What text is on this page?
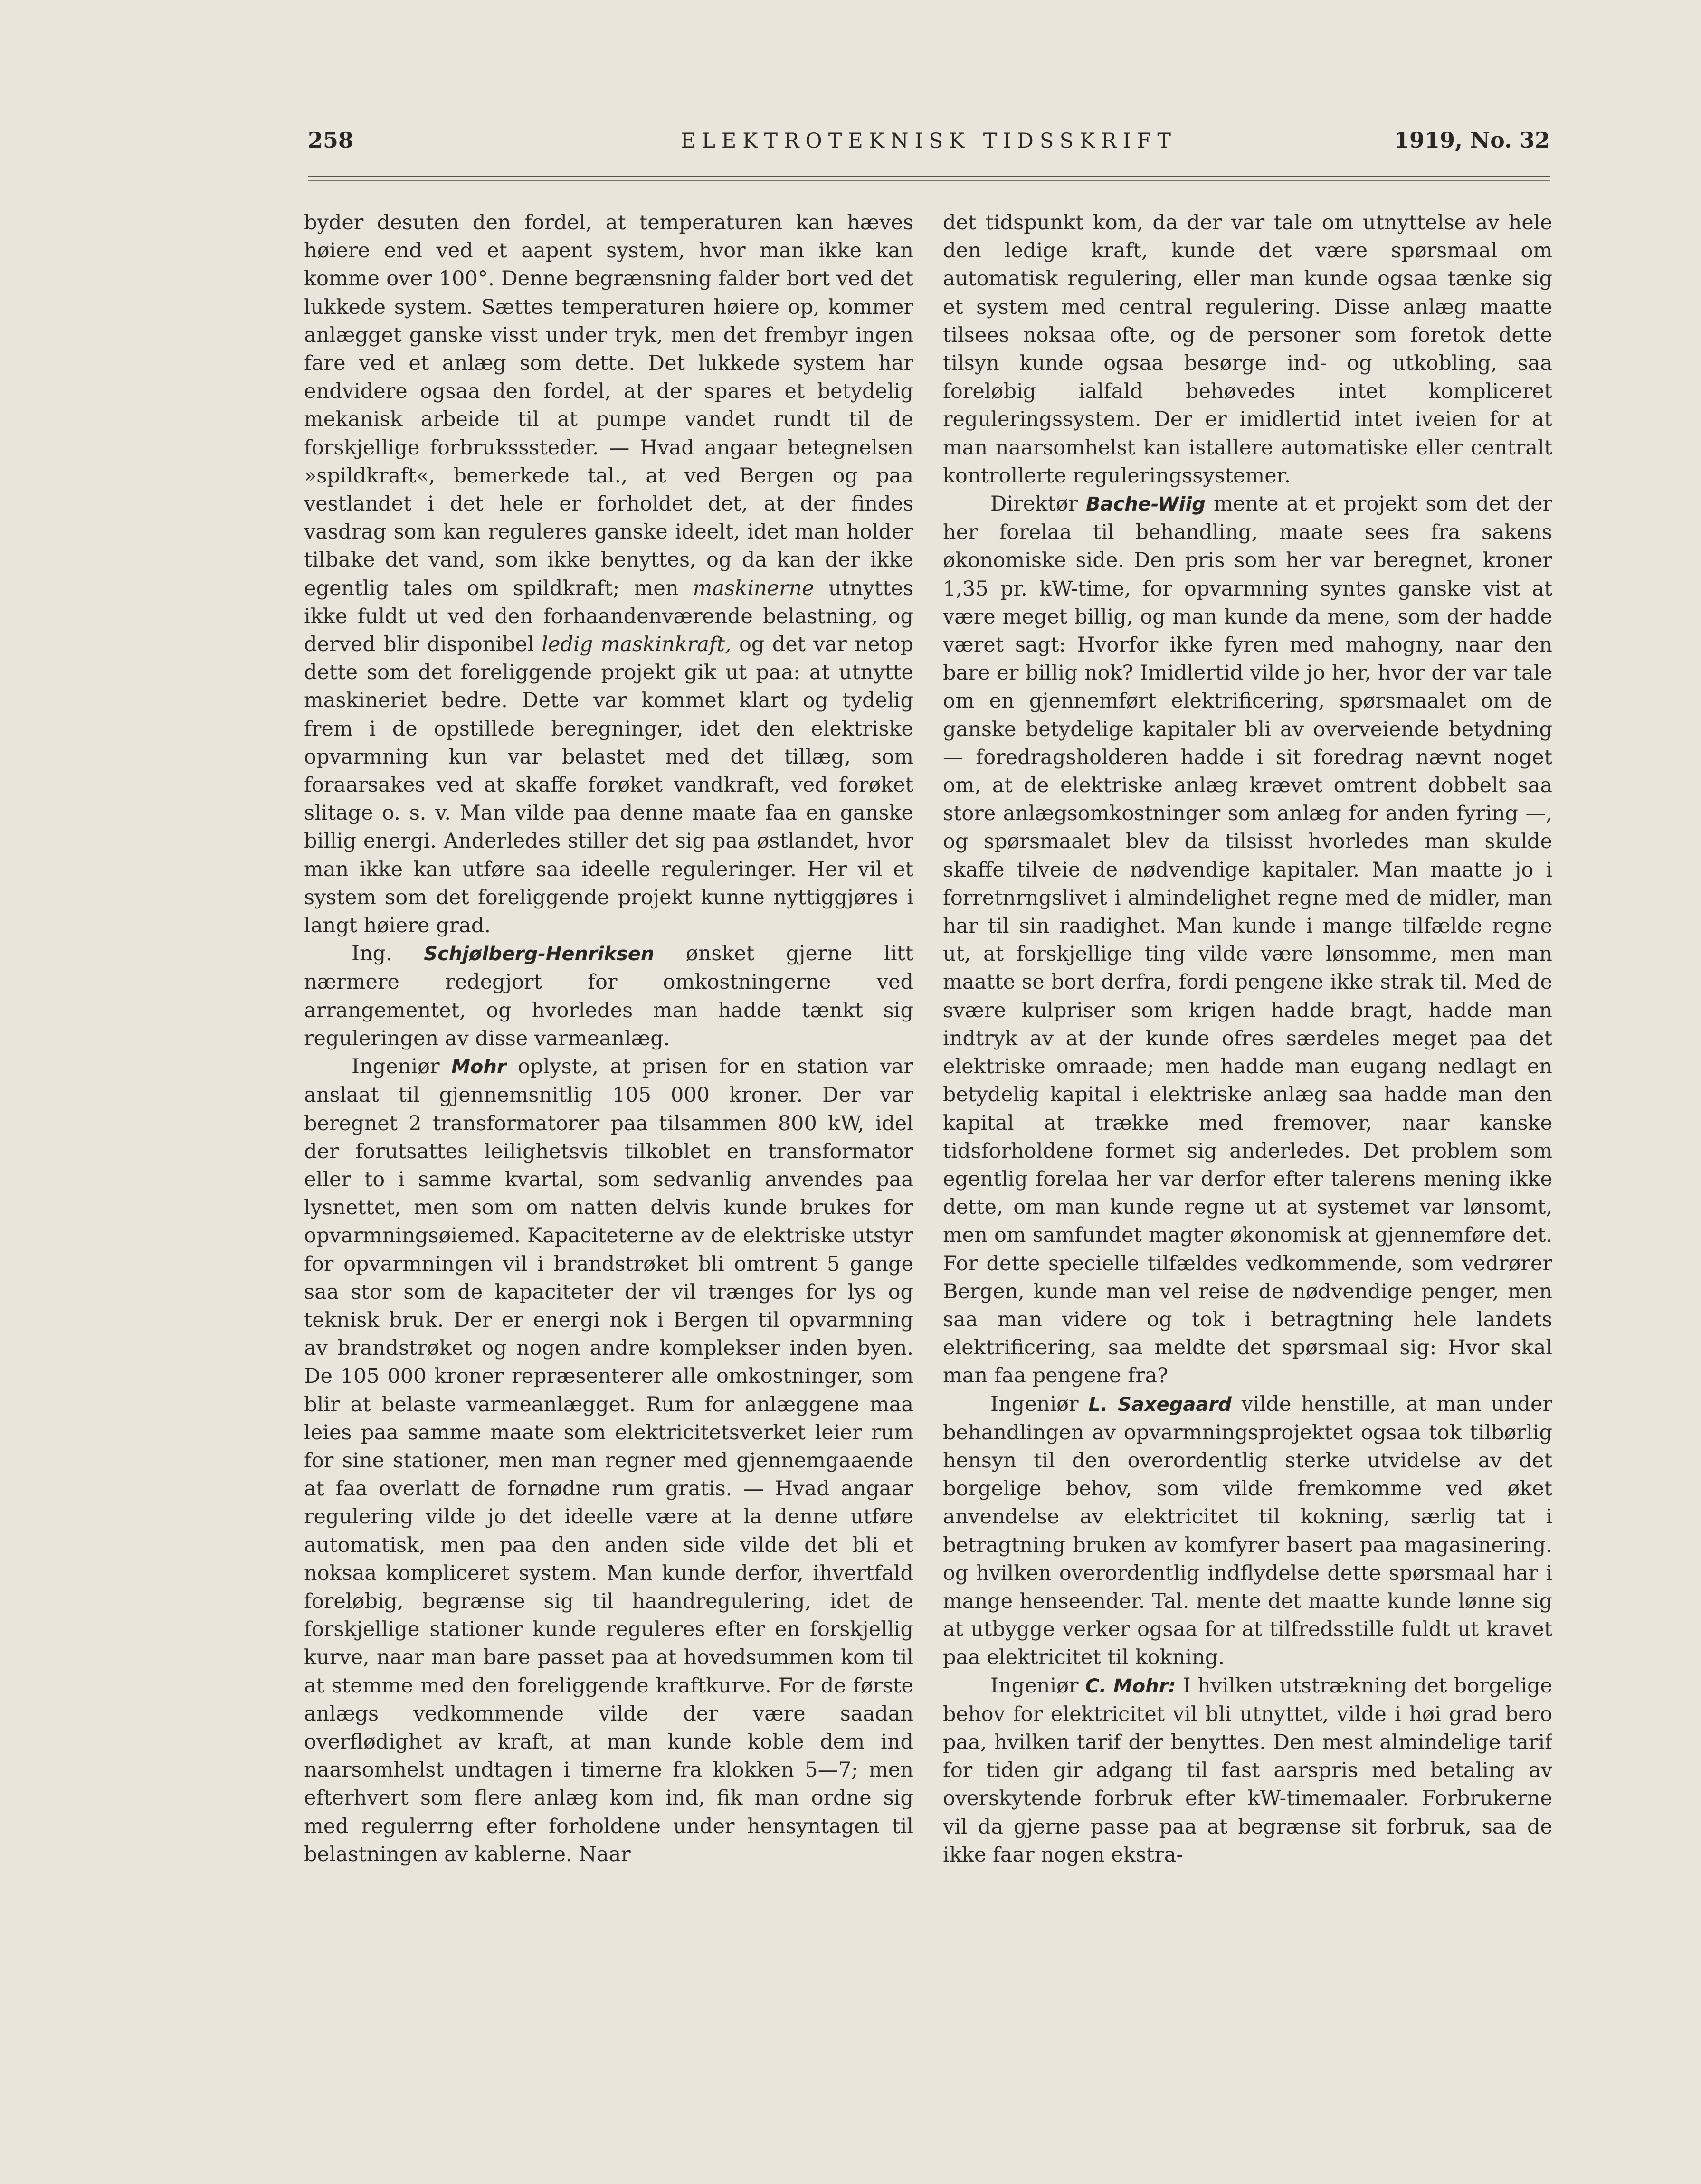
258	ELEKTROTEKNISK TIDSSKRIFT	1919, No. 32

byder desuten den fordel, at temperaturen kan hæves høiere end ved et aapent system, hvor man ikke kan komme over 100°. Denne begrænsning falder bort ved det lukkede system. Sættes temperaturen høiere op, kommer anlægget ganske visst under tryk, men det frembyr ingen fare ved et anlæg som dette. Det lukkede system har endvidere ogsaa den fordel, at der spares et betydelig mekanisk arbeide til at pumpe vandet rundt til de forskjellige forbruksssteder. — Hvad angaar betegnelsen »spildkraft«, bemerkede tal., at ved Bergen og paa vestlandet i det hele er forholdet det, at der findes vasdrag som kan reguleres ganske ideelt, idet man holder tilbake det vand, som ikke benyttes, og da kan der ikke egentlig tales om spildkraft; men maskinerne utnyttes ikke fuldt ut ved den forhaandenværende belastning, og derved blir disponibel ledig maskinkraft, og det var netop dette som det foreliggende projekt gik ut paa: at utnytte maskineriet bedre. Dette var kommet klart og tydelig frem i de opstillede beregninger, idet den elektriske opvarmning kun var belastet med det tillæg, som foraarsakes ved at skaffe forøket vandkraft, ved forøket slitage o. s. v. Man vilde paa denne maate faa en ganske billig energi. Anderledes stiller det sig paa østlandet, hvor man ikke kan utføre saa ideelle reguleringer. Her vil et system som det foreliggende projekt kunne nyttiggjøres i langt høiere grad.

Ing. Schjølberg-Henriksen ønsket gjerne litt nærmere redegjort for omkostningerne ved arrangementet, og hvorledes man hadde tænkt sig reguleringen av disse varmeanlæg.

Ingeniør Mohr oplyste, at prisen for en station var anslaat til gjennemsnitlig 105 000 kroner. Der var beregnet 2 transformatorer paa tilsammen 800 kW, idel der forutsattes leilighetsvis tilkoblet en transformator eller to i samme kvartal, som sedvanlig anvendes paa lysnettet, men som om natten delvis kunde brukes for opvarmningsøiemed. Kapaciteterne av de elektriske utstyr for opvarmningen vil i brandstrøket bli omtrent 5 gange saa stor som de kapaciteter der vil trænges for lys og teknisk bruk. Der er energi nok i Bergen til opvarmning av brandstrøket og nogen andre komplekser inden byen. De 105 000 kroner repræsenterer alle omkostninger, som blir at belaste varmeanlægget. Rum for anlæggene maa leies paa samme maate som elektricitetsverket leier rum for sine stationer, men man regner med gjennemgaaende at faa overlatt de fornødne rum gratis. — Hvad angaar regulering vilde jo det ideelle være at la denne utføre automatisk, men paa den anden side vilde det bli et noksaa kompliceret system. Man kunde derfor, ihvertfald foreløbig, begrænse sig til haandregulering, idet de forskjellige stationer kunde reguleres efter en forskjellig kurve, naar man bare passet paa at hovedsummen kom til at stemme med den foreliggende kraftkurve. For de første anlægs vedkommende vilde der være saadan overflødighet av kraft, at man kunde koble dem ind naarsomhelst undtagen i timerne fra klokken 5—7; men efterhvert som flere anlæg kom ind, fik man ordne sig med regulerrng efter forholdene under hensyntagen til belastningen av kablerne. Naar

det tidspunkt kom, da der var tale om utnyttelse av hele den ledige kraft, kunde det være spørsmaal om automatisk regulering, eller man kunde ogsaa tænke sig et system med central regulering. Disse anlæg maatte tilsees noksaa ofte, og de personer som foretok dette tilsyn kunde ogsaa besørge ind- og utkobling, saa foreløbig ialfald behøvedes intet kompliceret reguleringssystem. Der er imidlertid intet iveien for at man naarsomhelst kan istallere automatiske eller centralt kontrollerte reguleringssystemer.

Direktør Bache-Wiig mente at et projekt som det der her forelaa til behandling, maate sees fra sakens økonomiske side. Den pris som her var beregnet, kroner 1,35 pr. kW-time, for opvarmning syntes ganske vist at være meget billig, og man kunde da mene, som der hadde været sagt: Hvorfor ikke fyren med mahogny, naar den bare er billig nok? Imidlertid vilde jo her, hvor der var tale om en gjennemført elektrificering, spørsmaalet om de ganske betydelige kapitaler bli av overveiende betydning — foredragsholderen hadde i sit foredrag nævnt noget om, at de elektriske anlæg krævet omtrent dobbelt saa store anlægsomkostninger som anlæg for anden fyring —, og spørsmaalet blev da tilsisst hvorledes man skulde skaffe tilveie de nødvendige kapitaler. Man maatte jo i forretnrngslivet i almindelighet regne med de midler, man har til sin raadighet. Man kunde i mange tilfælde regne ut, at forskjellige ting vilde være lønsomme, men man maatte se bort derfra, fordi pengene ikke strak til. Med de svære kulpriser som krigen hadde bragt, hadde man indtryk av at der kunde ofres særdeles meget paa det elektriske omraade; men hadde man eugang nedlagt en betydelig kapital i elektriske anlæg saa hadde man den kapital at trække med fremover, naar kanske tidsforholdene formet sig anderledes. Det problem som egentlig forelaa her var derfor efter talerens mening ikke dette, om man kunde regne ut at systemet var lønsomt, men om samfundet magter økonomisk at gjennemføre det. For dette specielle tilfældes vedkommende, som vedrører Bergen, kunde man vel reise de nødvendige penger, men saa man videre og tok i betragtning hele landets elektrificering, saa meldte det spørsmaal sig: Hvor skal man faa pengene fra?

Ingeniør L. Saxegaard vilde henstille, at man under behandlingen av opvarmningsprojektet ogsaa tok tilbørlig hensyn til den overordentlig sterke utvidelse av det borgelige behov, som vilde fremkomme ved øket anvendelse av elektricitet til kokning, særlig tat i betragtning bruken av komfyrer basert paa magasinering. og hvilken overordentlig indflydelse dette spørsmaal har i mange henseender. Tal. mente det maatte kunde lønne sig at utbygge verker ogsaa for at tilfredsstille fuldt ut kravet paa elektricitet til kokning.

Ingeniør C. Mohr: I hvilken utstrækning det borgelige behov for elektricitet vil bli utnyttet, vilde i høi grad bero paa, hvilken tarif der benyttes. Den mest almindelige tarif for tiden gir adgang til fast aarspris med betaling av overskytende forbruk efter kW-timemaaler. Forbrukerne vil da gjerne passe paa at begrænse sit forbruk, saa de ikke faar nogen ekstra-
